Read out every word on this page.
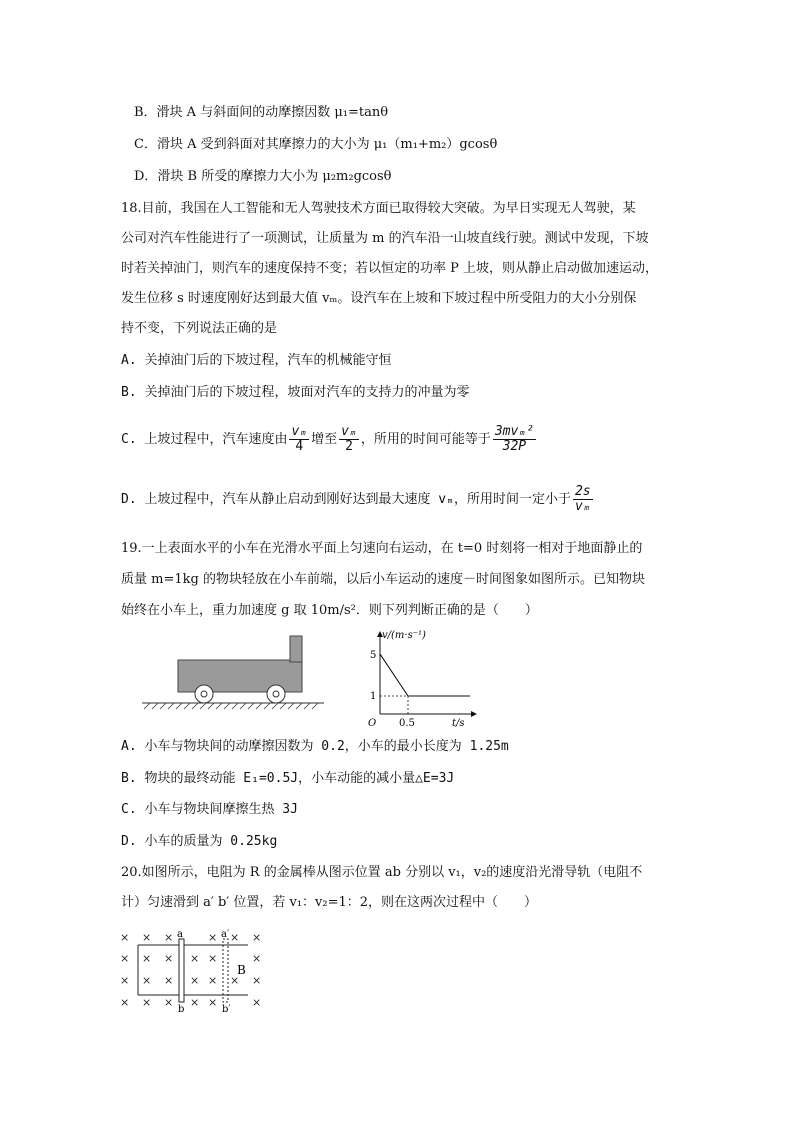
B．滑块 A 与斜面间的动摩擦因数 μ₁=tanθ
C．滑块 A 受到斜面对其摩擦力的大小为 μ₁（m₁+m₂）gcosθ
D．滑块 B 所受的摩擦力大小为 μ₂m₂gcosθ
18.目前，我国在人工智能和无人驾驶技术方面已取得较大突破。为早日实现无人驾驶，某
公司对汽车性能进行了一项测试，让质量为 m 的汽车沿一山坡直线行驶。测试中发现，下坡
时若关掉油门，则汽车的速度保持不变；若以恒定的功率 P 上坡，则从静止启动做加速运动，
发生位移 s 时速度刚好达到最大值 vₘ。设汽车在上坡和下坡过程中所受阻力的大小分别保
持不变，下列说法正确的是
A. 关掉油门后的下坡过程，汽车的机械能守恒
B. 关掉油门后的下坡过程，坡面对汽车的支持力的冲量为零
C. 上坡过程中，汽车速度由 $\frac{\text{vₘ}}{4}$ 增至 $\frac{\text{vₘ}}{2}$ ，所用的时间可能等于 $\frac{\text{3mvₘ²}}{32P}$
D. 上坡过程中，汽车从静止启动到刚好达到最大速度 vₘ，所用时间一定小于 $\frac{2s}{\text{vₘ}}$
19.一上表面水平的小车在光滑水平面上匀速向右运动，在 t=0 时刻将一相对于地面静止的
质量 m=1kg 的物块轻放在小车前端，以后小车运动的速度－时间图象如图所示。已知物块
始终在小车上，重力加速度 g 取 10m/s²．则下列判断正确的是（　　）
v/(m·s⁻¹)
t/s
O
5
1
0.5
A. 小车与物块间的动摩擦因数为 0.2，小车的最小长度为 1.25m
B. 物块的最终动能 E₁=0.5J，小车动能的减小量△E=3J
C. 小车与物块间摩擦生热 3J
D. 小车的质量为 0.25kg
20.如图所示，电阻为 R 的金属棒从图示位置 ab 分别以 v₁，v₂的速度沿光滑导轨（电阻不
计）匀速滑到 a′ b′ 位置，若 v₁：v₂=1：2，则在这两次过程中（　　）
× × ×	× × ×
× × × × ×	×
× × × × × × ×
× × × × ×	×
a	a′
b	b′
B
